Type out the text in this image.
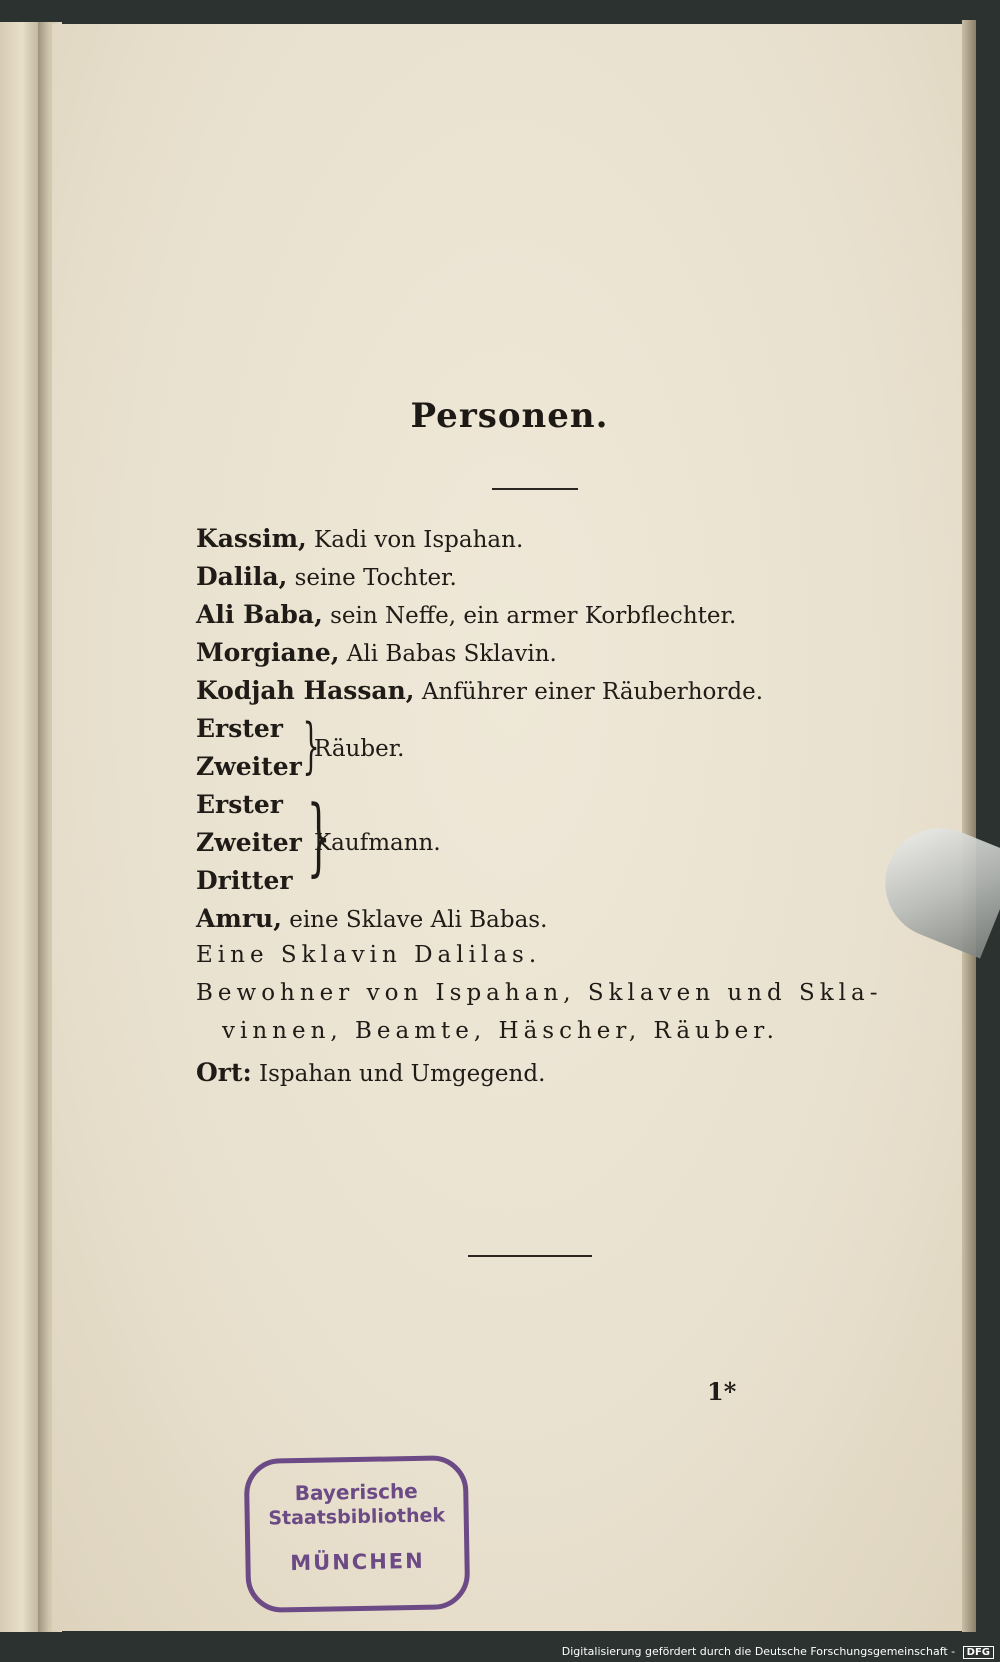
Personen.
Kassim, Kadi von Ispahan.
Dalila, seine Tochter.
Ali Baba, sein Neffe, ein armer Korbflechter.
Morgiane, Ali Babas Sklavin.
Kodjah Hassan, Anführer einer Räuberhorde.
Erster
Zweiter }
Räuber.
Erster
Zweiter
Dritter }
Kaufmann.
Amru, eine Sklave Ali Babas.
Eine Sklavin Dalilas.
Bewohner von Ispahan, Sklaven und Skla-
vinnen, Beamte, Häscher, Räuber.
Ort: Ispahan und Umgegend.
1*
Bayerische
Staatsbibliothek
MÜNCHEN
Digitalisierung gefördert durch die Deutsche Forschungsgemeinschaft - DFG
